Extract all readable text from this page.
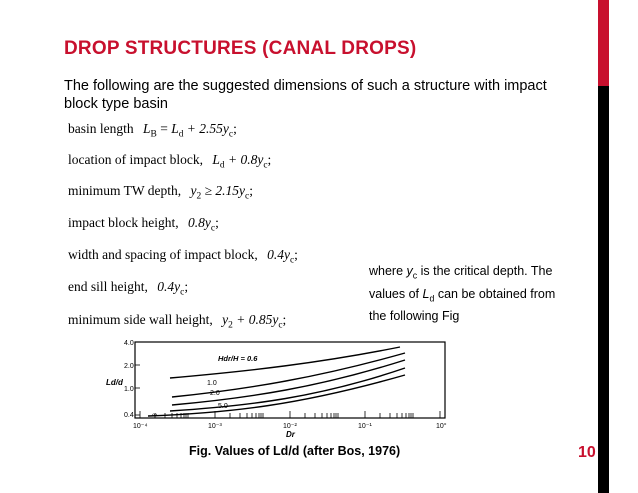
DROP STRUCTURES (CANAL DROPS)

The following are the suggested dimensions of such a structure with impact block type basin

basin length $L_B = L_d + 2.55y_c$;
location of impact block, $L_d + 0.8y_c$;
minimum TW depth, $y_2 \ge 2.15y_c$;
impact block height, $0.8y_c$;
width and spacing of impact block, $0.4y_c$;
end sill height, $0.4y_c$;
minimum side wall height, $y_2 + 0.85y_c$;
where $y_c$ is the critical depth. The values of $L_d$ can be obtained from the following Fig
Ld/d
4.0
2.0
1.0
0.4
10⁻⁴	10⁻³	10⁻²	10⁻¹	10°
Dr
Hdr/H = 0.6
1.0
2.0
5.0
∞
Fig. Values of Ld/d (after Bos, 1976)	10
